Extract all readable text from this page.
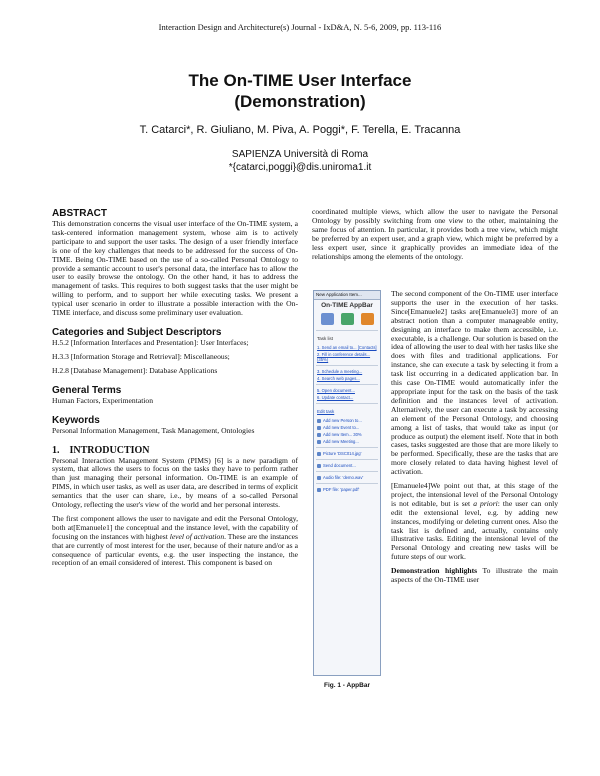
Interaction Design and Architecture(s) Journal - IxD&A, N. 5-6, 2009, pp. 113-116
The On-TIME User Interface
(Demonstration)
T. Catarci*, R. Giuliano, M. Piva, A. Poggi*, F. Terella, E. Tracanna
SAPIENZA Università di Roma
*{catarci,poggi}@dis.uniroma1.it
ABSTRACT

This demonstration concerns the visual user interface of the On-TIME system, a task-centered information management system, whose aim is to actively participate to and support the user tasks. The design of a user friendly interface is one of the key challenges that needs to be addressed for the success of On-TIME. Being On-TIME based on the use of a so-called Personal Ontology to provide a semantic account to user's personal data, the interface has to allow the user to easily browse the ontology. On the other hand, it has to address the management of tasks. This requires to both suggest tasks that the user might be willing to perform, and to support her while executing tasks. We present a typical user scenario in order to illustrate a possible interaction with the On-TIME interface, and discuss some preliminary user evaluation.

Categories and Subject Descriptors

H.5.2 [Information Interfaces and Presentation]: User Interfaces;

H.3.3 [Information Storage and Retrieval]: Miscellaneous;

H.2.8 [Database Management]: Database Applications

General Terms

Human Factors, Experimentation

Keywords

Personal Information Management, Task Management, Ontologies

1.    INTRODUCTION

Personal Interaction Management System (PIMS) [6] is a new paradigm of system, that allows the users to focus on the tasks they have to perform rather than just managing their personal information. On-TIME is an example of PIMS, in which user tasks, as well as user data, are described in terms of explicit semantics that the user can share, i.e., by means of a so-called Personal Ontology, reflecting the user's view of the world and her personal interests.

The first component allows the user to navigate and edit the Personal Ontology, both at[Emanuele1] the conceptual and the instance level, with the capability of focusing on the instances with highest level of activation. These are the instances that are currently of most interest for the user, because of their nature and/or as a consequence of particular events, e.g. the user inspecting the instance, the reception of an email considered of interest. This component is based on

coordinated multiple views, which allow the user to navigate the Personal Ontology by possibly switching from one view to the other, maintaining the same focus of attention. In particular, it provides both a tree view, which might be preferred by an expert user, and a graph view, which might be preferred by a less expert user, since it graphically provides an immediate idea of the relationships among the elements of the ontology.

New Application Item...
On-TIME AppBar
Task list
1. Send an email to... [Contacts]
2. Fill in conference details... (35%)
3. Schedule a meeting...
4. Search web pages...
5. Open document...
6. Update contact...
Edit task
Add new Person to...
Add new Event to...
Add new Item... 30%
Add new Meeting...
Picture 'DSC014.jpg'
Send document...
Audio file: 'demo.wav'
PDF file: 'paper.pdf'
Fig. 1 - AppBar

The second component of the On-TIME user interface supports the user in the execution of her tasks. Since[Emanuele2] tasks are[Emanuele3] more of an abstract notion than a computer manageable entity, designing an interface to make them accessible, i.e. executable, is a challenge. Our solution is based on the idea of allowing the user to deal with her tasks like she does with files and traditional applications. For instance, she can execute a task by selecting it from a task list occurring in a dedicated application bar. In this case On-TIME would automatically infer the appropriate input for the task on the basis of the task definition and the instances level of activation. Alternatively, the user can execute a task by accessing an element of the Personal Ontology, and choosing among a list of tasks, that would take as input (or produce as output) the element itself. Note that in both cases, tasks suggested are those that are more likely to be performed. Specifically, these are the tasks that are more closely related to data having highest level of activation.

[Emanuele4]We point out that, at this stage of the project, the intensional level of the Personal Ontology is not editable, but is set a priori: the user can only edit the extensional level, e.g. by adding new instances, modifying or deleting current ones. Also the task list is defined and, actually, contains only illustrative tasks. Editing the intensional level of the Personal Ontology and creating new tasks will be future steps of our work.

Demonstration highlights To illustrate the main aspects of the On-TIME user
